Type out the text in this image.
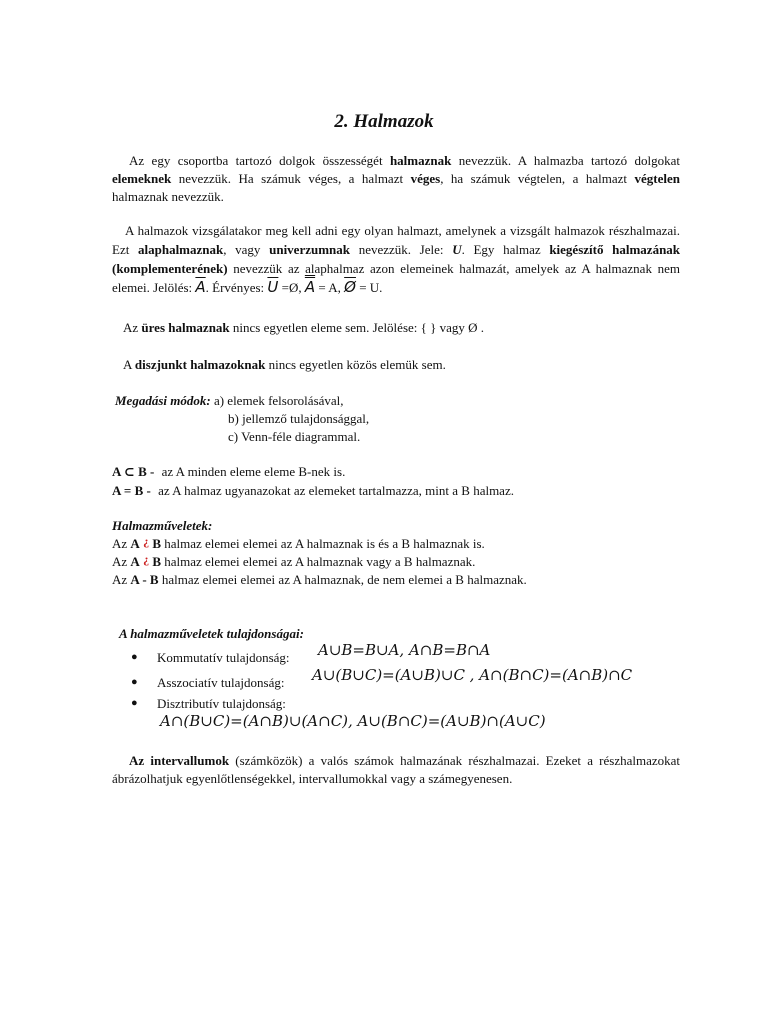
2. Halmazok

Az egy csoportba tartozó dolgok összességét halmaznak nevezzük. A halmazba tartozó dolgokat elemeknek nevezzük. Ha számuk véges, a halmazt véges, ha számuk végtelen, a halmazt végtelen halmaznak nevezzük.

A halmazok vizsgálatakor meg kell adni egy olyan halmazt, amelynek a vizsgált halmazok részhalmazai. Ezt alaphalmaznak, vagy univerzumnak nevezzük. Jele: U. Egy halmaz kiegészítő halmazának (komplementerének) nevezzük az alaphalmaz azon elemeinek halmazát, amelyek az A halmaznak nem elemei. Jelölés: $\overline{A}$. Érvényes: $\overline{U}$ =Ø, A = A, $\overline{Ø} = U$.

Az üres halmaznak nincs egyetlen eleme sem. Jelölése: { } vagy Ø .
A diszjunkt halmazoknak nincs egyetlen közös elemük sem.
Megadási módok: a) elemek felsorolásával,
b) jellemző tulajdonsággal,
c) Venn-féle diagrammal.
A ⊂ B - az A minden eleme eleme B-nek is.
A = B - az A halmaz ugyanazokat az elemeket tartalmazza, mint a B halmaz.
Halmazműveletek:
Az A ¿ B halmaz elemei elemei az A halmaznak is és a B halmaznak is.
Az A ¿ B halmaz elemei elemei az A halmaznak vagy a B halmaznak.
Az A - B halmaz elemei elemei az A halmaznak, de nem elemei a B halmaznak.
A halmazműveletek tulajdonságai:
● Kommutatív tulajdonság: A∪B=B∪A, A∩B=B∩A
● Asszociatív tulajdonság: A∪(B∪C)=(A∪B)∪C , A∩(B∩C)=(A∩B)∩C
● Disztributív tulajdonság:
A∩(B∪C)=(A∩B)∪(A∩C), A∪(B∩C)=(A∪B)∩(A∪C)

Az intervallumok (számközök) a valós számok halmazának részhalmazai. Ezeket a részhalmazokat ábrázolhatjuk egyenlőtlenségekkel, intervallumokkal vagy a számegyenesen.
